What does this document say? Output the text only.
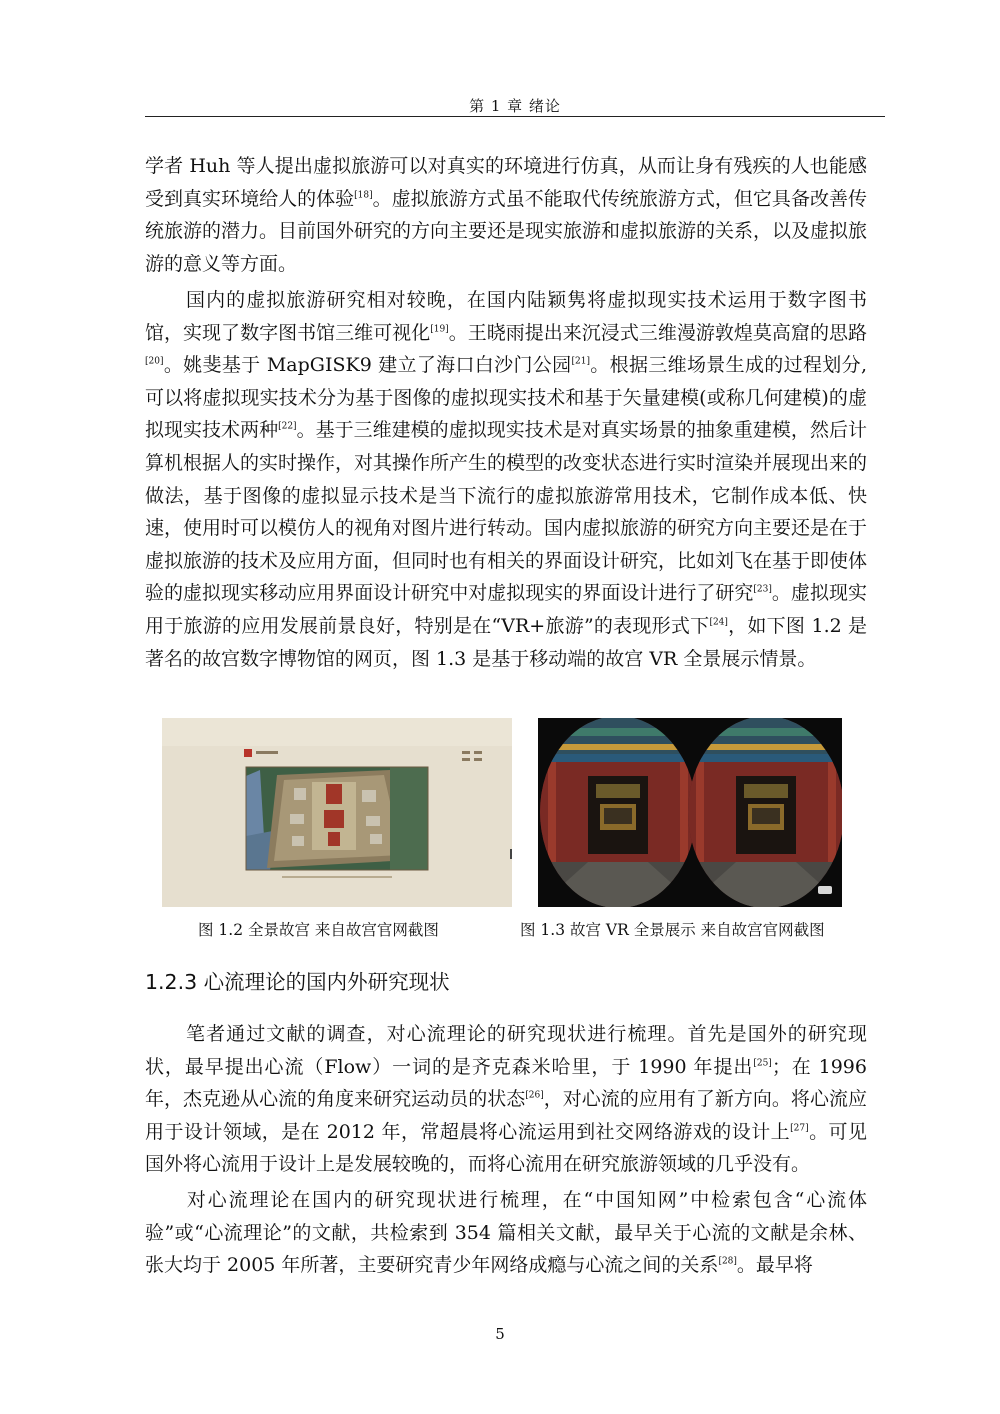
第 1 章 绪论

学者 Huh 等人提出虚拟旅游可以对真实的环境进行仿真，从而让身有残疾的人也能感受到真实环境给人的体验[18]。虚拟旅游方式虽不能取代传统旅游方式，但它具备改善传统旅游的潜力。目前国外研究的方向主要还是现实旅游和虚拟旅游的关系，以及虚拟旅游的意义等方面。

国内的虚拟旅游研究相对较晚，在国内陆颖隽将虚拟现实技术运用于数字图书馆，实现了数字图书馆三维可视化[19]。王晓雨提出来沉浸式三维漫游敦煌莫高窟的思路[20]。姚斐基于 MapGISK9 建立了海口白沙门公园[21]。根据三维场景生成的过程划分, 可以将虚拟现实技术分为基于图像的虚拟现实技术和基于矢量建模(或称几何建模)的虚拟现实技术两种[22]。基于三维建模的虚拟现实技术是对真实场景的抽象重建模，然后计算机根据人的实时操作，对其操作所产生的模型的改变状态进行实时渲染并展现出来的做法，基于图像的虚拟显示技术是当下流行的虚拟旅游常用技术，它制作成本低、快速，使用时可以模仿人的视角对图片进行转动。国内虚拟旅游的研究方向主要还是在于虚拟旅游的技术及应用方面，但同时也有相关的界面设计研究，比如刘飞在基于即使体验的虚拟现实移动应用界面设计研究中对虚拟现实的界面设计进行了研究[23]。虚拟现实用于旅游的应用发展前景良好，特别是在“VR+旅游”的表现形式下[24]，如下图 1.2 是著名的故宫数字博物馆的网页，图 1.3 是基于移动端的故宫 VR 全景展示情景。

图 1.2 全景故宫 来自故宫官网截图	图 1.3 故宫 VR 全景展示 来自故宫官网截图
1.2.3 心流理论的国内外研究现状

笔者通过文献的调查，对心流理论的研究现状进行梳理。首先是国外的研究现状，最早提出心流（Flow）一词的是齐克森米哈里，于 1990 年提出[25]；在 1996 年，杰克逊从心流的角度来研究运动员的状态[26]，对心流的应用有了新方向。将心流应用于设计领域，是在 2012 年，常超晨将心流运用到社交网络游戏的设计上[27]。可见国外将心流用于设计上是发展较晚的，而将心流用在研究旅游领域的几乎没有。

对心流理论在国内的研究现状进行梳理，在“中国知网”中检索包含“心流体验”或“心流理论”的文献，共检索到 354 篇相关文献，最早关于心流的文献是余林、张大均于 2005 年所著，主要研究青少年网络成瘾与心流之间的关系[28]。最早将

5
